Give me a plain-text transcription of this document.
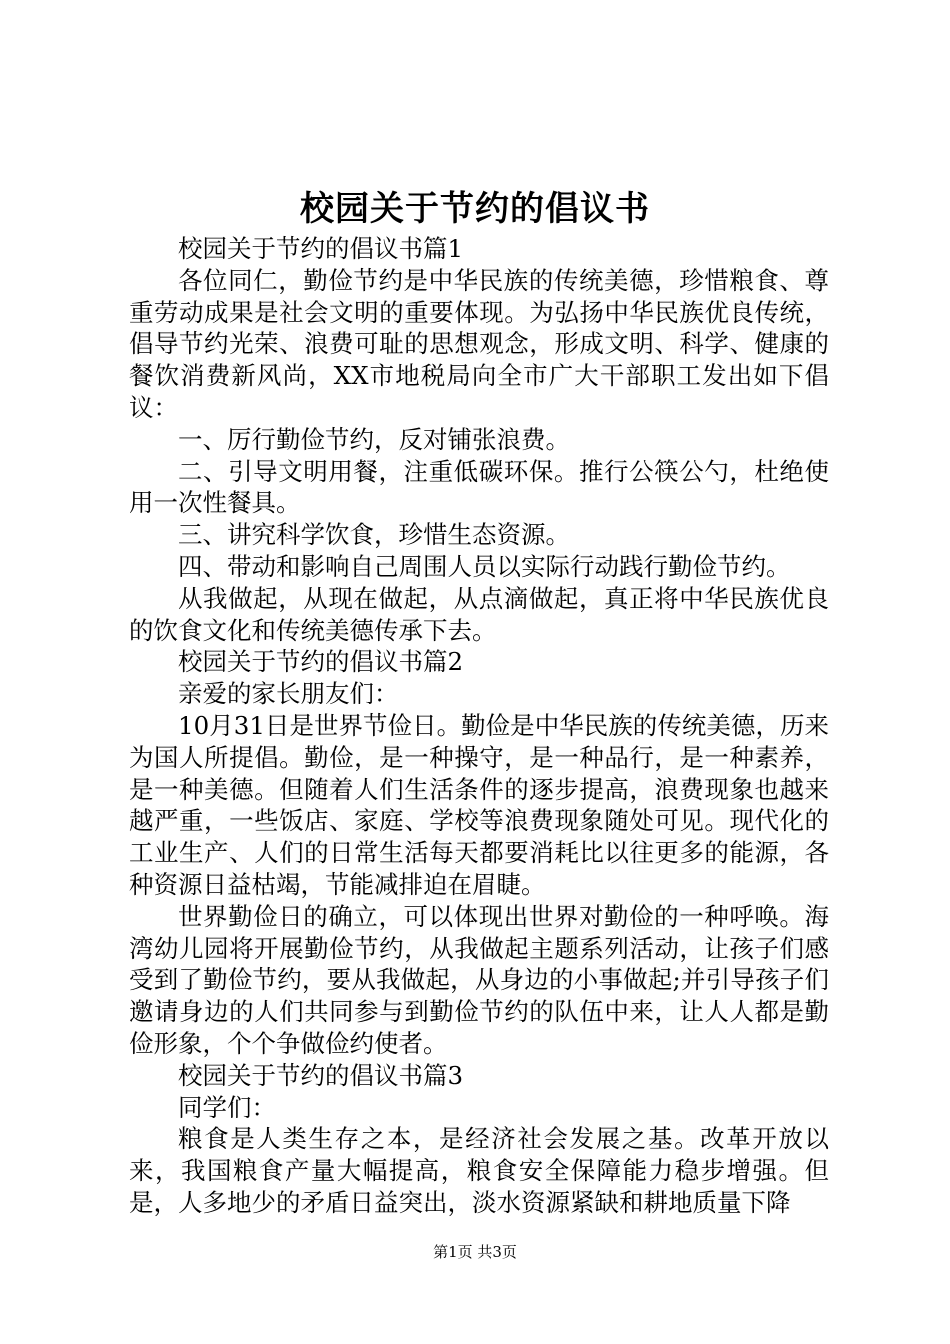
校园关于节约的倡议书

校园关于节约的倡议书篇1

各位同仁，勤俭节约是中华民族的传统美德，珍惜粮食、尊重劳动成果是社会文明的重要体现。为弘扬中华民族优良传统，倡导节约光荣、浪费可耻的思想观念，形成文明、科学、健康的餐饮消费新风尚，XX市地税局向全市广大干部职工发出如下倡议：

一、厉行勤俭节约，反对铺张浪费。

二、引导文明用餐，注重低碳环保。推行公筷公勺，杜绝使用一次性餐具。

三、讲究科学饮食，珍惜生态资源。

四、带动和影响自己周围人员以实际行动践行勤俭节约。

从我做起，从现在做起，从点滴做起，真正将中华民族优良的饮食文化和传统美德传承下去。

校园关于节约的倡议书篇2

亲爱的家长朋友们：

10月31日是世界节俭日。勤俭是中华民族的传统美德，历来为国人所提倡。勤俭，是一种操守，是一种品行，是一种素养，是一种美德。但随着人们生活条件的逐步提高，浪费现象也越来越严重，一些饭店、家庭、学校等浪费现象随处可见。现代化的工业生产、人们的日常生活每天都要消耗比以往更多的能源，各种资源日益枯竭，节能减排迫在眉睫。

世界勤俭日的确立，可以体现出世界对勤俭的一种呼唤。海湾幼儿园将开展勤俭节约，从我做起主题系列活动，让孩子们感受到了勤俭节约，要从我做起，从身边的小事做起;并引导孩子们邀请身边的人们共同参与到勤俭节约的队伍中来，让人人都是勤俭形象，个个争做俭约使者。

校园关于节约的倡议书篇3

同学们：

粮食是人类生存之本，是经济社会发展之基。改革开放以来，我国粮食产量大幅提高，粮食安全保障能力稳步增强。但是，人多地少的矛盾日益突出，淡水资源紧缺和耕地质量下降

第1页 共3页
